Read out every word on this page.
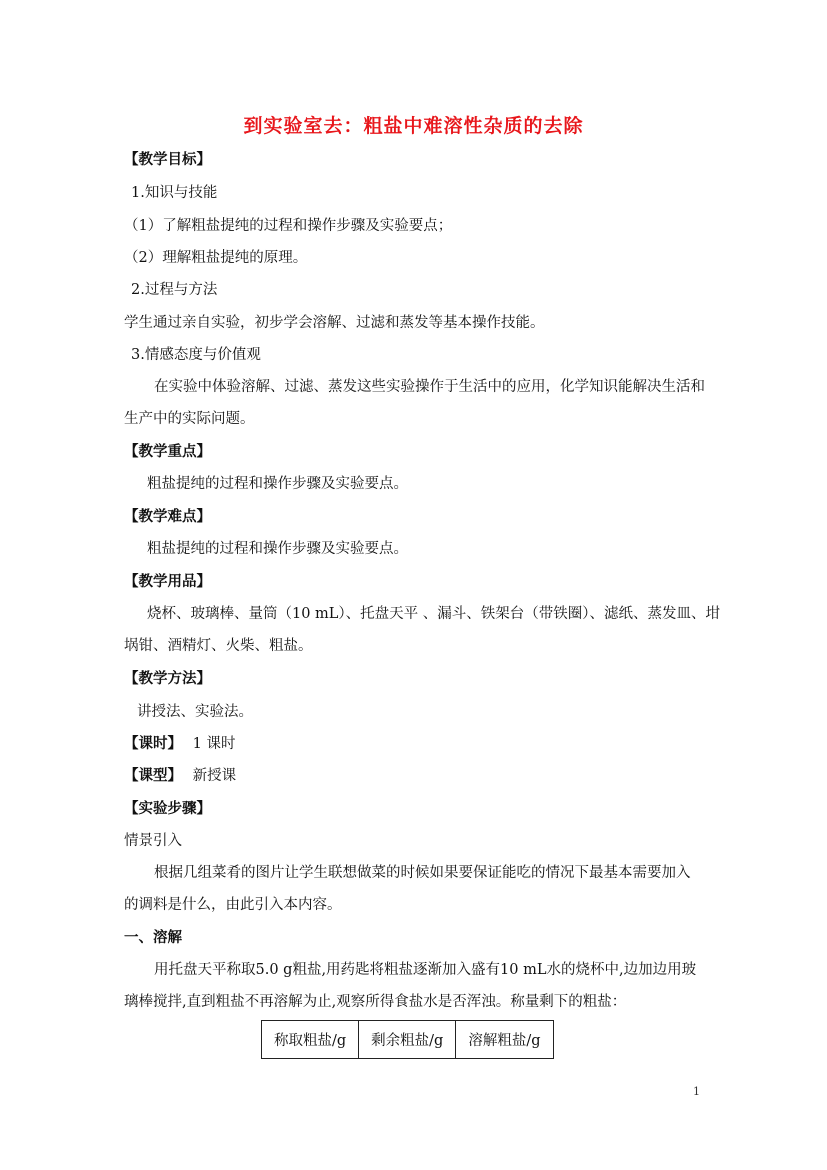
到实验室去：粗盐中难溶性杂质的去除
【教学目标】
1.知识与技能
（1）了解粗盐提纯的过程和操作步骤及实验要点；
（2）理解粗盐提纯的原理。
2.过程与方法
学生通过亲自实验，初步学会溶解、过滤和蒸发等基本操作技能。
3.情感态度与价值观
在实验中体验溶解、过滤、蒸发这些实验操作于生活中的应用，化学知识能解决生活和
生产中的实际问题。
【教学重点】
粗盐提纯的过程和操作步骤及实验要点。
【教学难点】
粗盐提纯的过程和操作步骤及实验要点。
【教学用品】
烧杯、玻璃棒、量筒（10 mL）、托盘天平 、漏斗、铁架台（带铁圈）、滤纸、蒸发皿、坩
埚钳、酒精灯、火柴、粗盐。
【教学方法】
讲授法、实验法。
【课时】 1 课时
【课型】 新授课
【实验步骤】
情景引入
根据几组菜肴的图片让学生联想做菜的时候如果要保证能吃的情况下最基本需要加入
的调料是什么，由此引入本内容。
一、溶解
用托盘天平称取5.0 g粗盐,用药匙将粗盐逐渐加入盛有10 mL水的烧杯中,边加边用玻
璃棒搅拌,直到粗盐不再溶解为止,观察所得食盐水是否浑浊。称量剩下的粗盐：
称取粗盐/g	剩余粗盐/g	溶解粗盐/g
1
